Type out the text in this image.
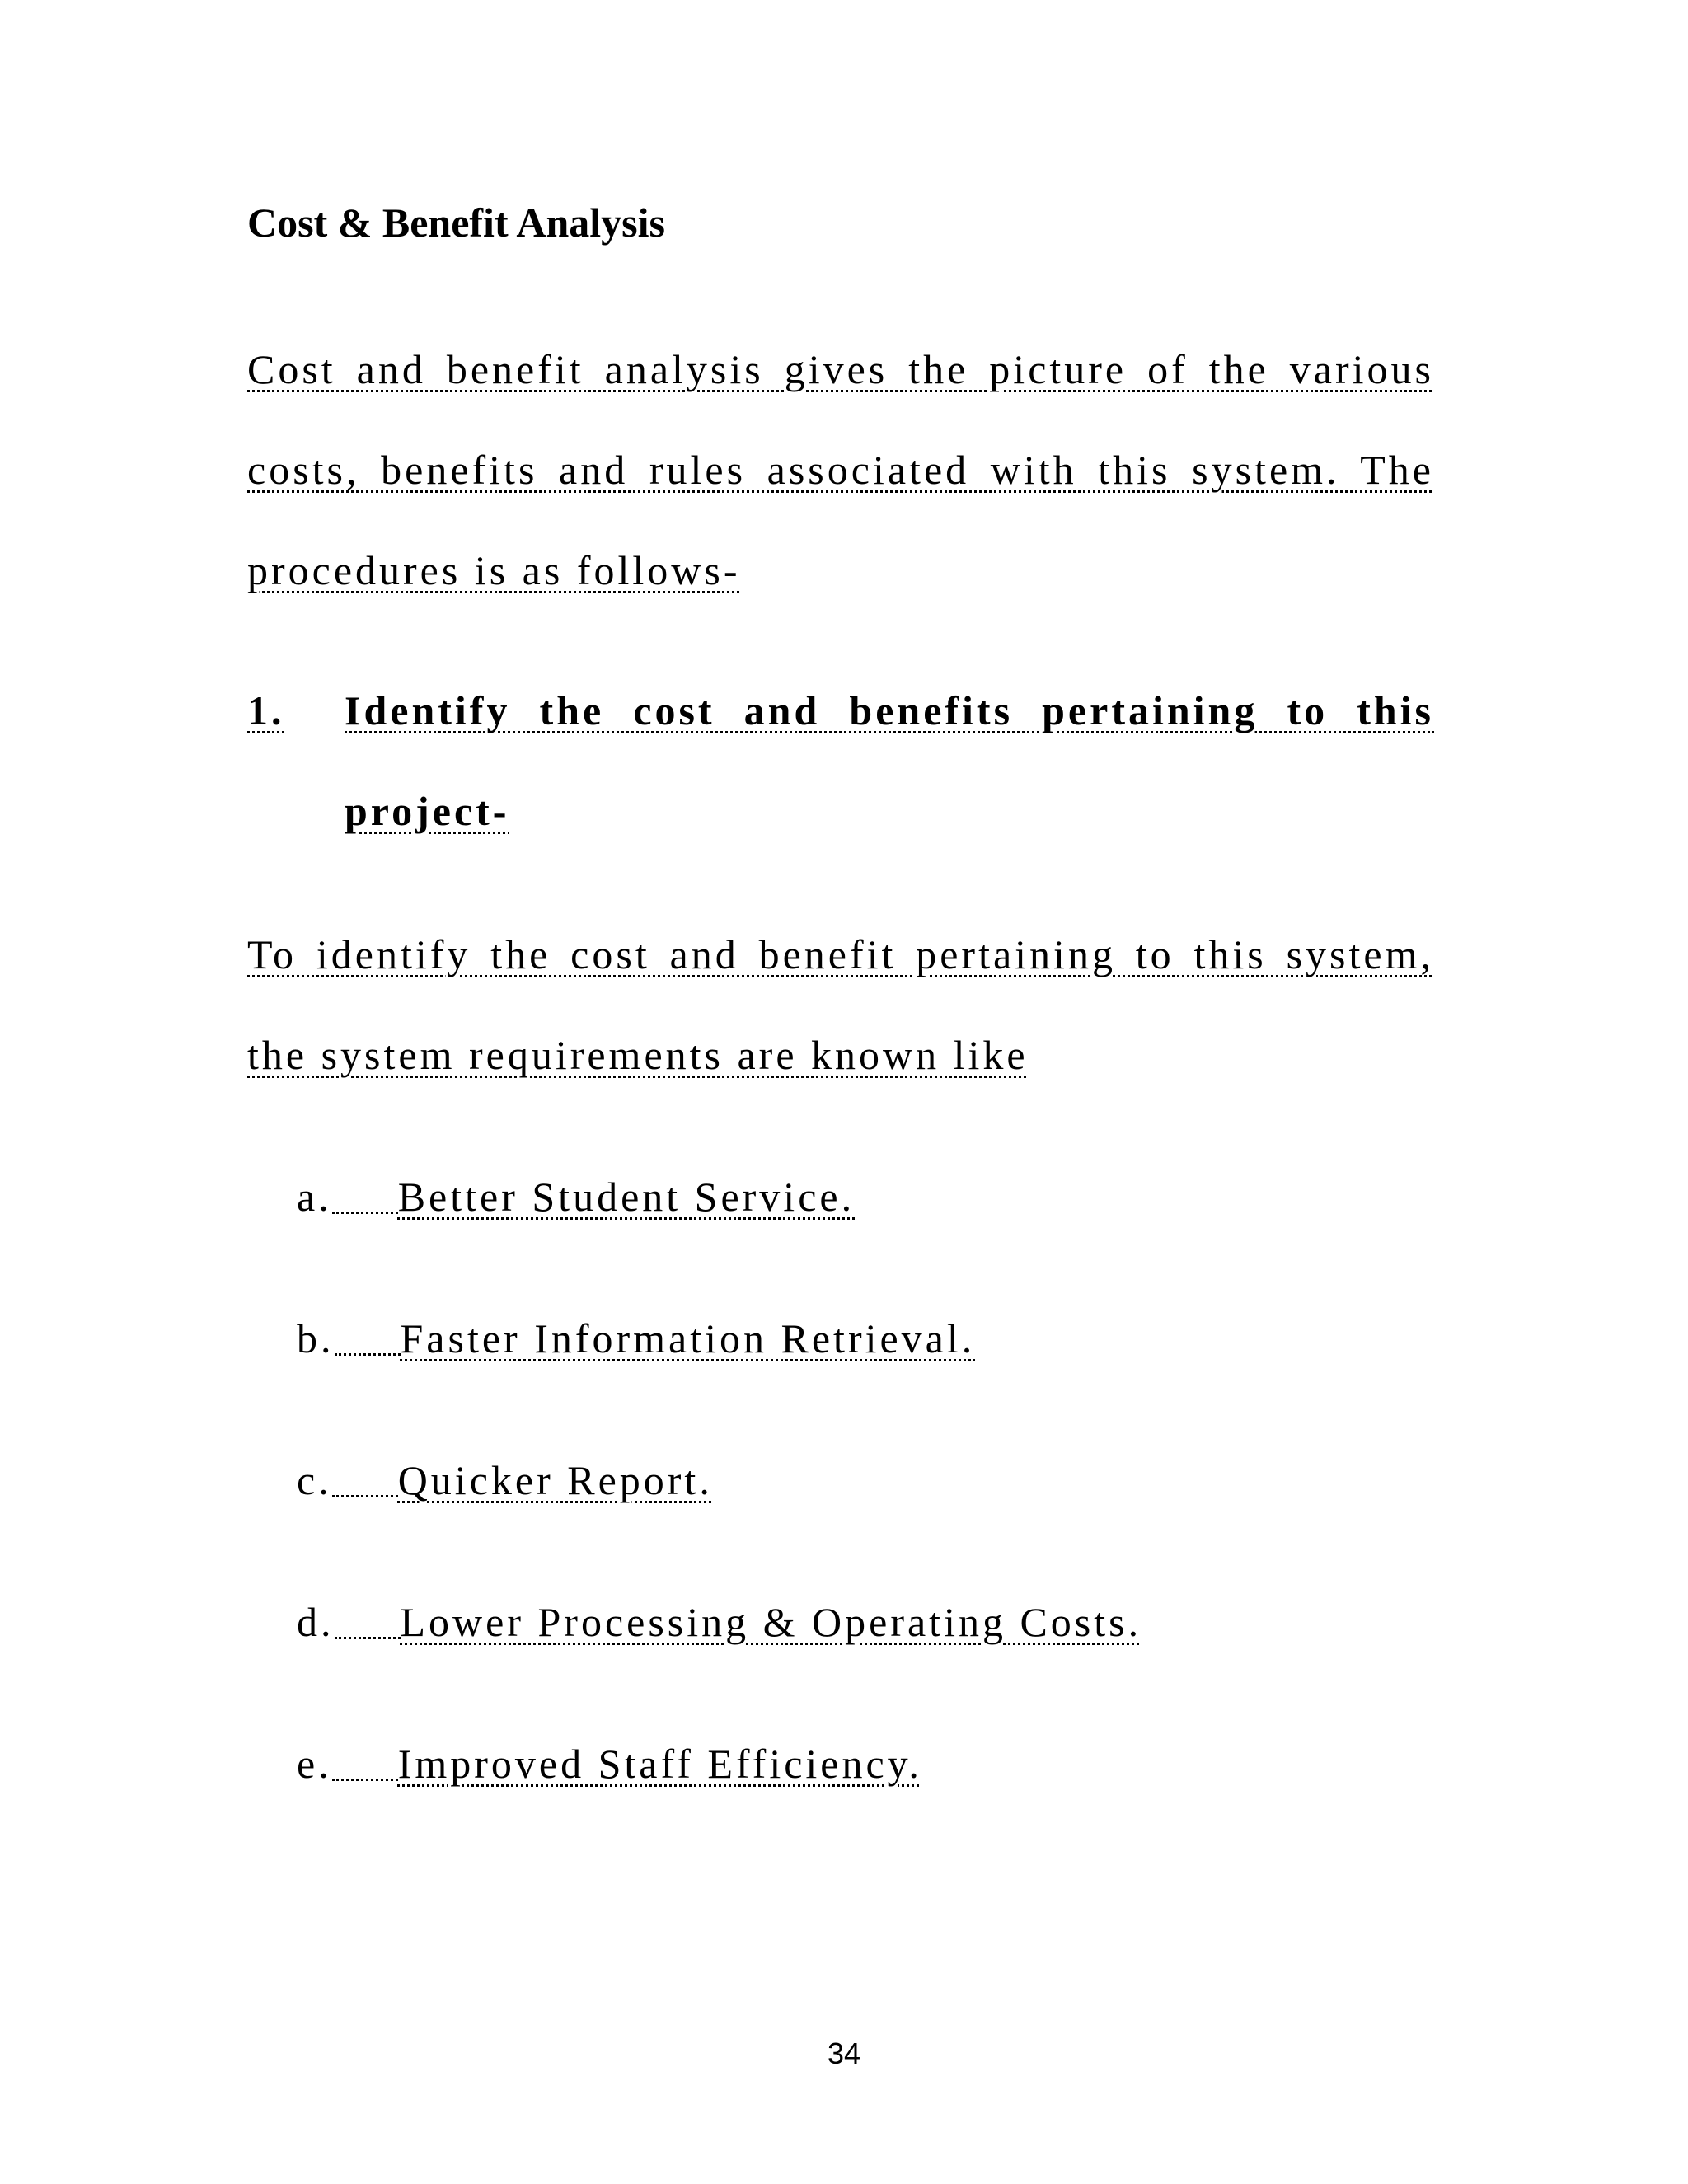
Cost & Benefit Analysis
Cost and benefit analysis gives the picture of the various
costs, benefits and rules associated with this system. The
procedures is as follows-
1. Identify the cost and benefits pertaining to this
project-
To identify the cost and benefit pertaining to this system,
the system requirements are known like
a. Better Student Service.
b. Faster Information Retrieval.
c. Quicker Report.
d. Lower Processing & Operating Costs.
e. Improved Staff Efficiency.
34
